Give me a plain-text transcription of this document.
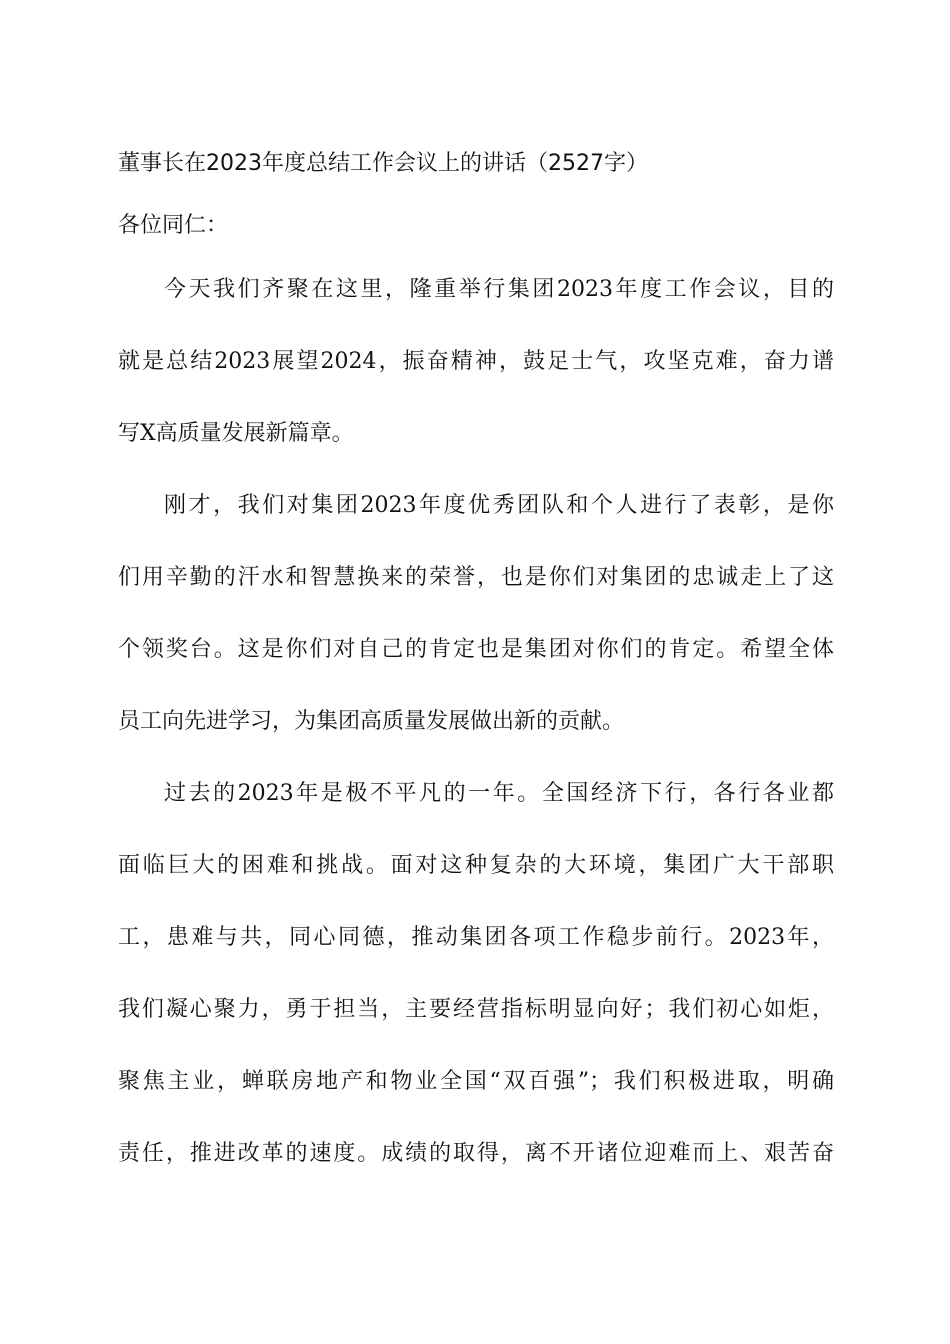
董事长在2023年度总结工作会议上的讲话（2527字）
各位同仁：
今天我们齐聚在这里，隆重举行集团2023年度工作会议，目的
就是总结2023展望2024，振奋精神，鼓足士气，攻坚克难，奋力谱
写X高质量发展新篇章。
刚才，我们对集团2023年度优秀团队和个人进行了表彰，是你
们用辛勤的汗水和智慧换来的荣誉，也是你们对集团的忠诚走上了这
个领奖台。这是你们对自己的肯定也是集团对你们的肯定。希望全体
员工向先进学习，为集团高质量发展做出新的贡献。
过去的2023年是极不平凡的一年。全国经济下行，各行各业都
面临巨大的困难和挑战。面对这种复杂的大环境，集团广大干部职
工，患难与共，同心同德，推动集团各项工作稳步前行。2023年，
我们凝心聚力，勇于担当，主要经营指标明显向好；我们初心如炬，
聚焦主业，蝉联房地产和物业全国“双百强”；我们积极进取，明确
责任，推进改革的速度。成绩的取得，离不开诸位迎难而上、艰苦奋
